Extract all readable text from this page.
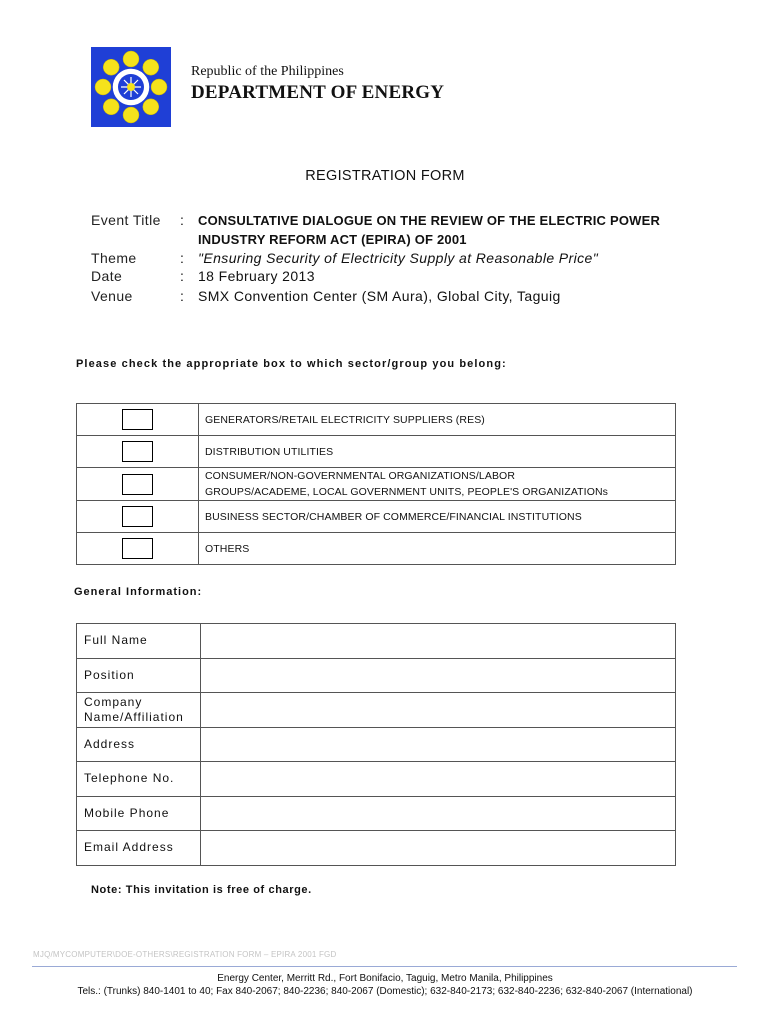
Republic of the Philippines
DEPARTMENT OF ENERGY
REGISTRATION FORM
Event Title : CONSULTATIVE DIALOGUE ON THE REVIEW OF THE ELECTRIC POWER
INDUSTRY REFORM ACT (EPIRA) OF 2001
Theme	: "Ensuring Security of Electricity Supply at Reasonable Price"
Date	: 18 February 2013
Venue	: SMX Convention Center (SM Aura), Global City, Taguig
Please check the appropriate box to which sector/group you belong:

	GENERATORS/RETAIL ELECTRICITY SUPPLIERS (RES)

	DISTRIBUTION UTILITIES

	CONSUMER/NON-GOVERNMENTAL ORGANIZATIONS/LABOR
GROUPS/ACADEME, LOCAL GOVERNMENT UNITS, PEOPLE'S ORGANIZATIONs

	BUSINESS SECTOR/CHAMBER OF COMMERCE/FINANCIAL INSTITUTIONS

	OTHERS
General Information:
Full Name	

Position	

Company
Name/Affiliation	

Address	

Telephone No.	

Mobile Phone	

Email Address	

Note: This invitation is free of charge.
MJQ/MYCOMPUTER\DOE-OTHERS\REGISTRATION FORM – EPIRA 2001 FGD
Energy Center, Merritt Rd., Fort Bonifacio, Taguig, Metro Manila, Philippines
Tels.: (Trunks) 840-1401 to 40; Fax 840-2067; 840-2236; 840-2067 (Domestic); 632-840-2173; 632-840-2236; 632-840-2067 (International)
